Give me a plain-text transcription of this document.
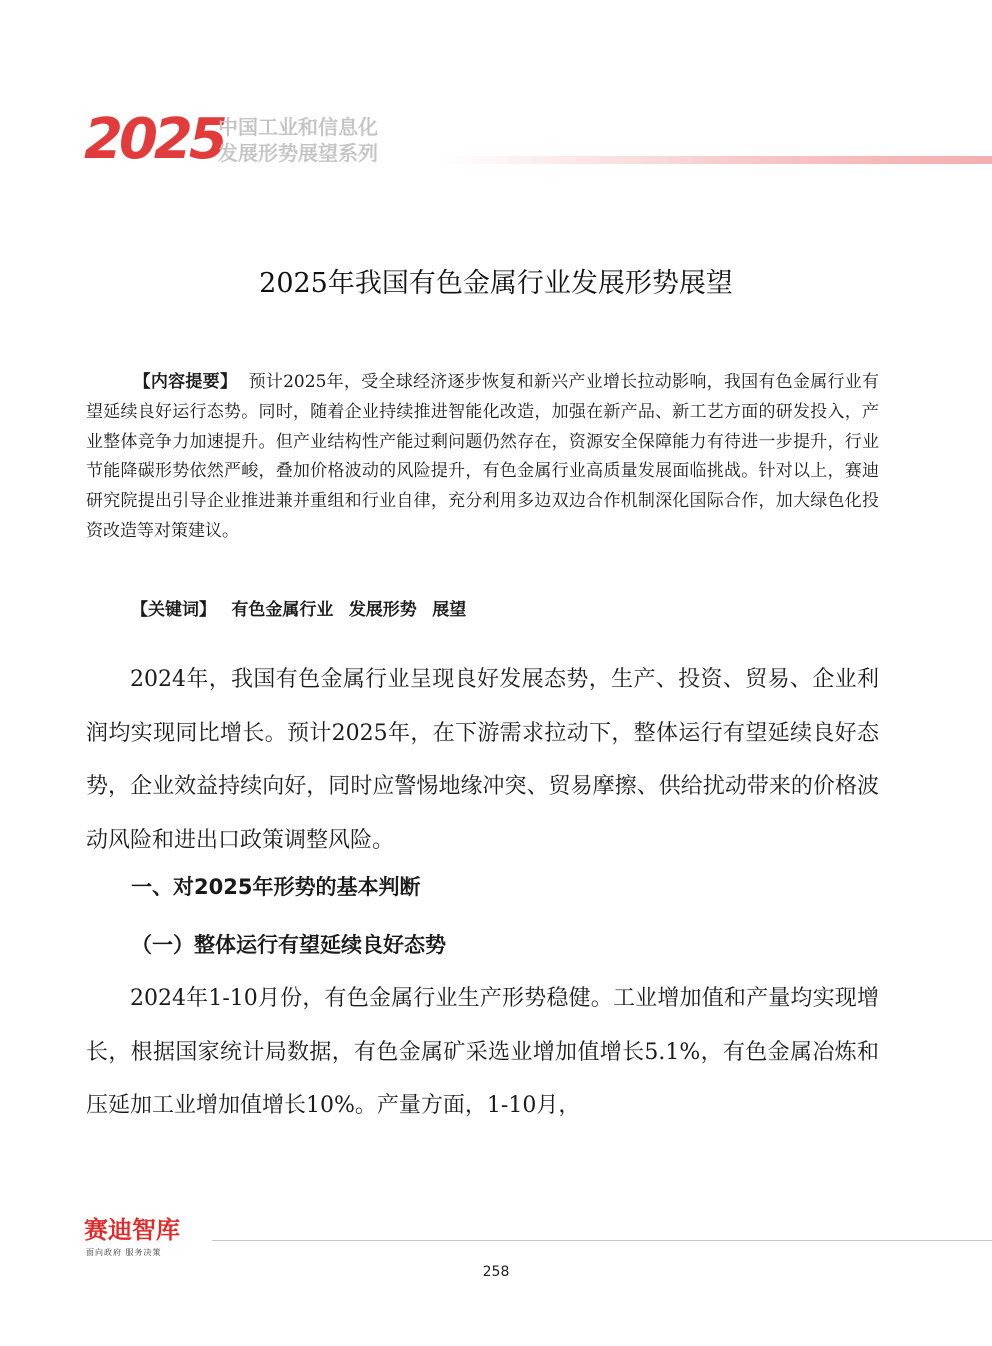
2025
中国工业和信息化
发展形势展望系列
2025年我国有色金属行业发展形势展望

【内容提要】 预计2025年，受全球经济逐步恢复和新兴产业增长拉动影响，我国有色金属行业有望延续良好运行态势。同时，随着企业持续推进智能化改造，加强在新产品、新工艺方面的研发投入，产业整体竞争力加速提升。但产业结构性产能过剩问题仍然存在，资源安全保障能力有待进一步提升，行业节能降碳形势依然严峻，叠加价格波动的风险提升，有色金属行业高质量发展面临挑战。针对以上，赛迪研究院提出引导企业推进兼并重组和行业自律，充分利用多边双边合作机制深化国际合作，加大绿色化投资改造等对策建议。

【关键词】 有色金属行业 发展形势 展望

2024年，我国有色金属行业呈现良好发展态势，生产、投资、贸易、企业利润均实现同比增长。预计2025年，在下游需求拉动下，整体运行有望延续良好态势，企业效益持续向好，同时应警惕地缘冲突、贸易摩擦、供给扰动带来的价格波动风险和进出口政策调整风险。

一、对2025年形势的基本判断
（一）整体运行有望延续良好态势

2024年1-10月份，有色金属行业生产形势稳健。工业增加值和产量均实现增长，根据国家统计局数据，有色金属矿采选业增加值增长5.1%，有色金属冶炼和压延加工业增加值增长10%。产量方面，1-10月，

赛迪智库
面向政府 服务决策
258
